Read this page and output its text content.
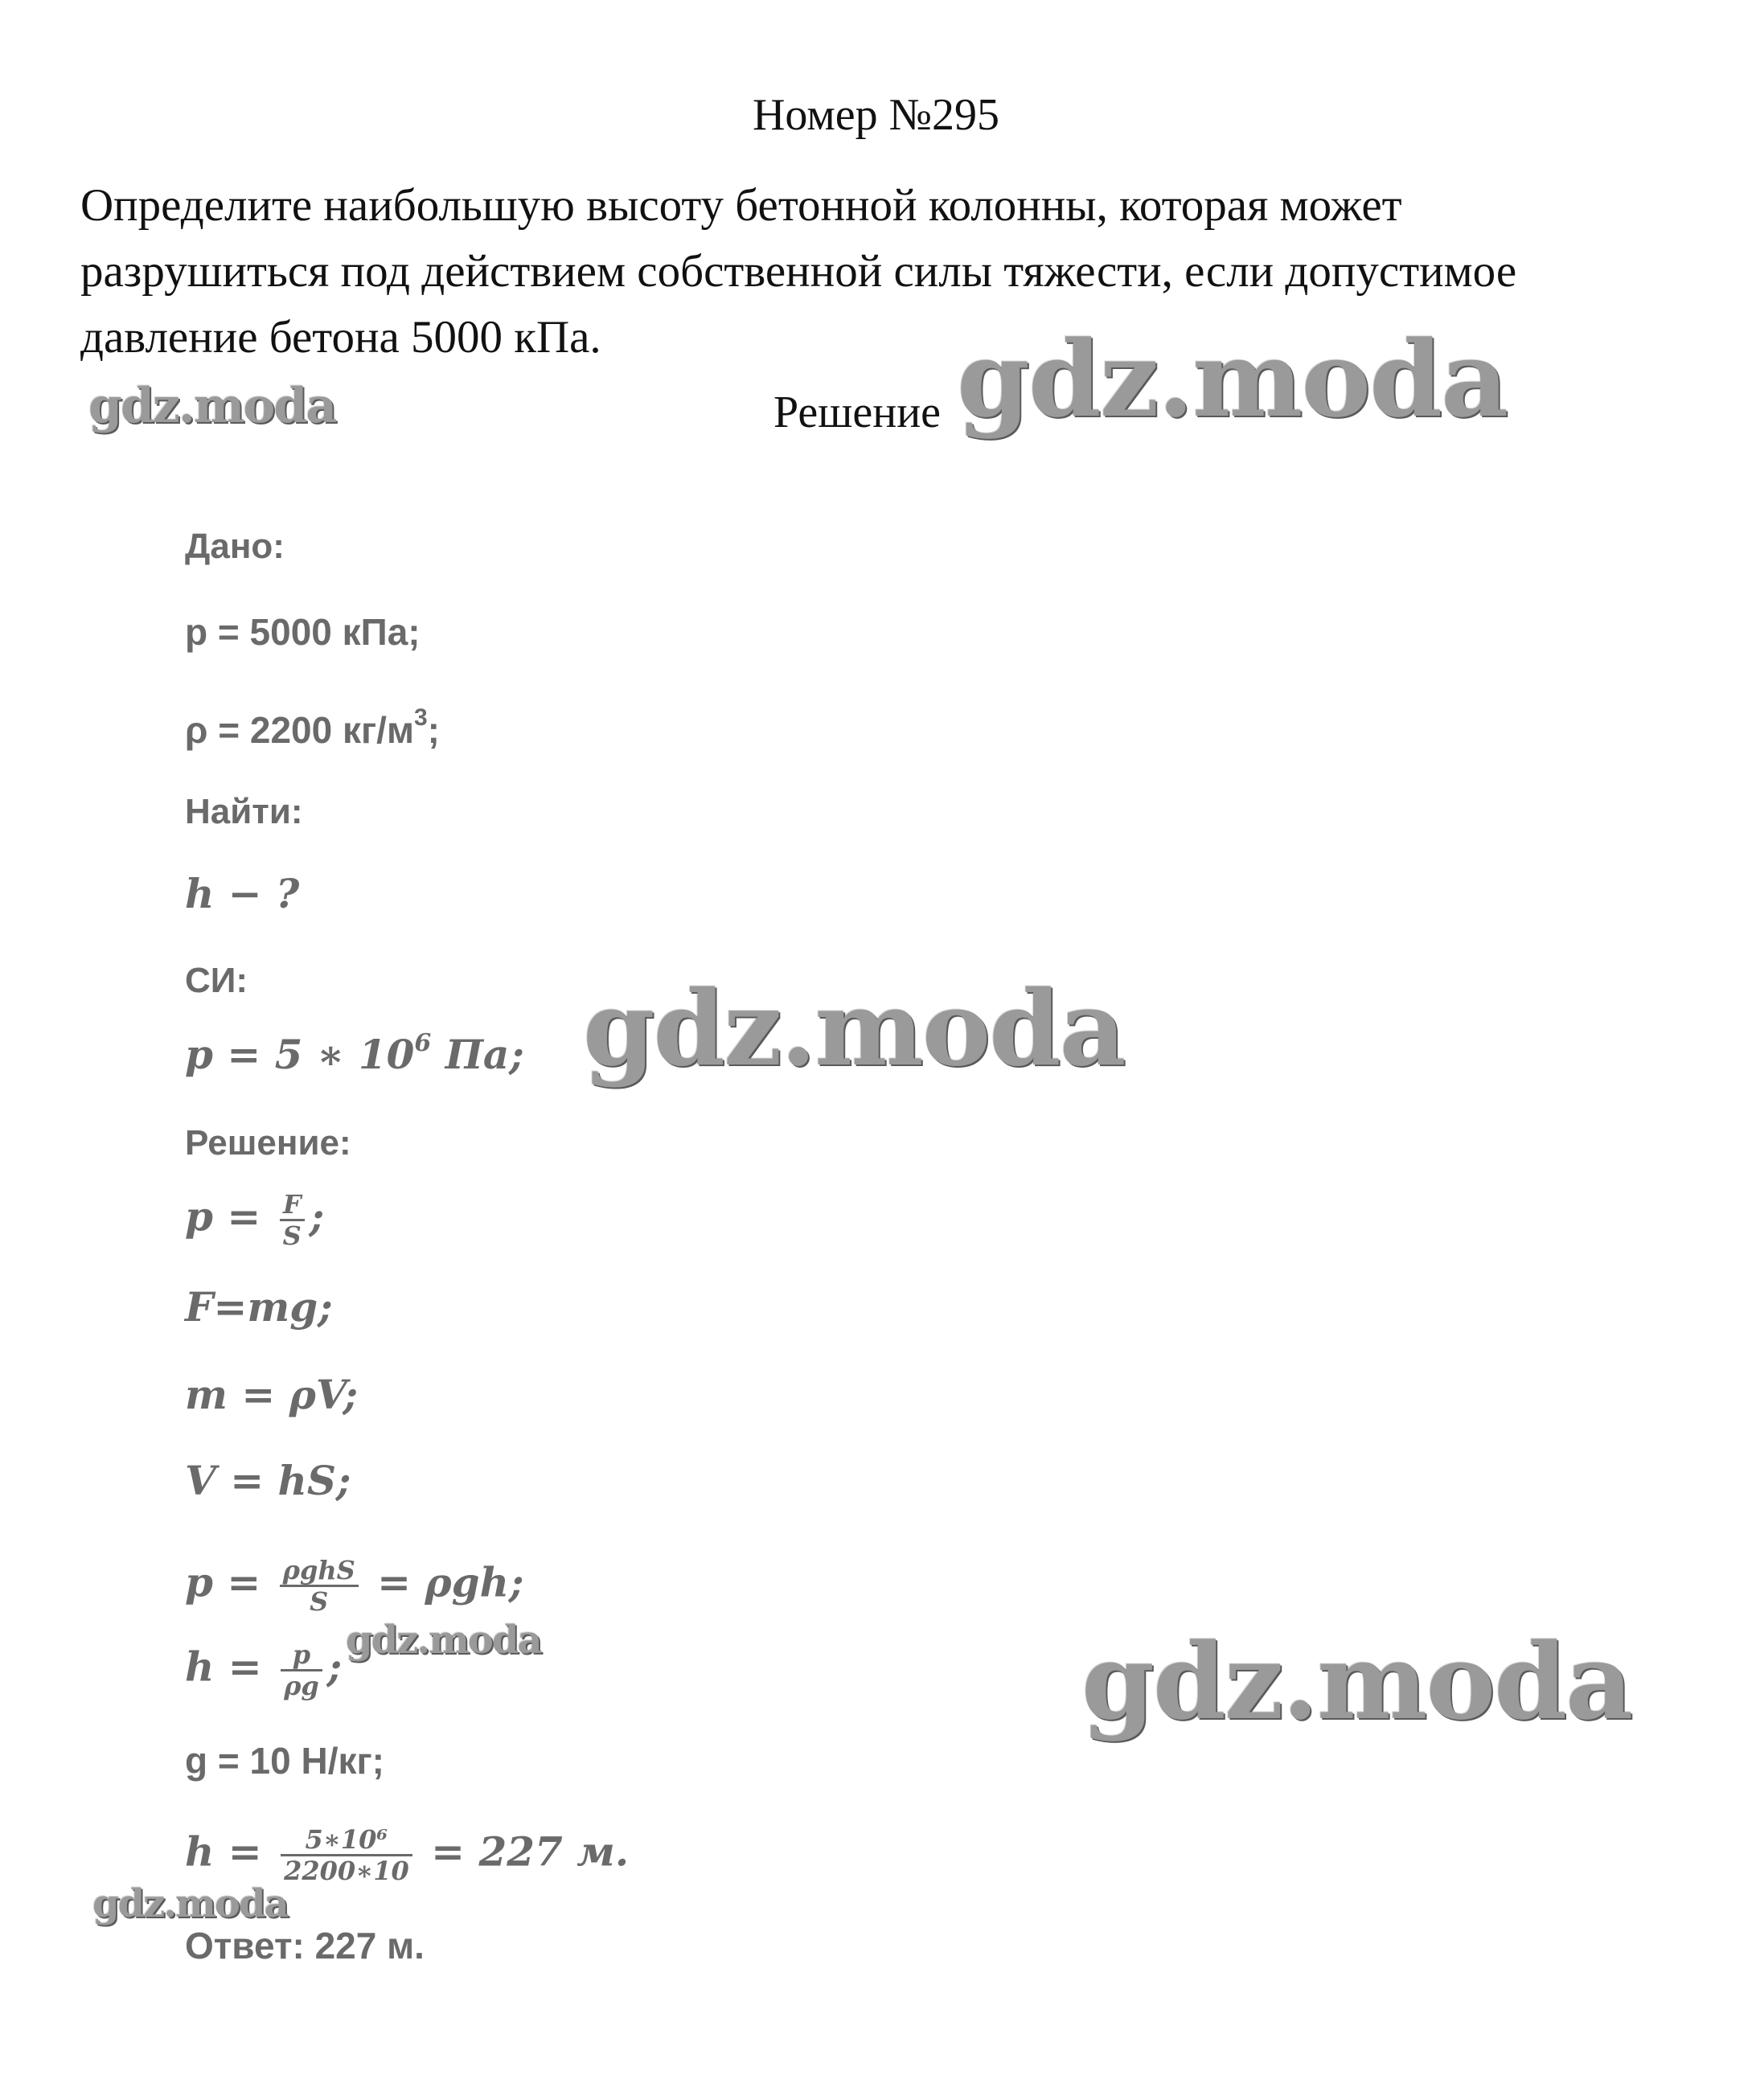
Номер №295
Определите наибольшую высоту бетонной колонны, которая может
разрушиться под действием собственной силы тяжести, если допустимое
давление бетона 5000 кПа.
Решение
gdz.moda	gdz.moda
gdz.moda
gdz.moda
Дано:
p = 5000 кПа;
ρ = 2200 $кг/м^3$;
Найти:
h − ?
СИ:
p = 5 ∗ $10^6$ Па;
Решение:
$p = \frac{F}{S}$ ;
F=mg;
m = ρV;
V = hS;
$p = \frac{\text{ρghS}}{S} = \rho gh$;
$h = \frac{p}{\rho g}$ ;
g = 10 Н/кг;
$h = \frac{\text{5∗10⁶}}{2200∗10} = 227$ м.
Ответ: 227 м.
gdz.moda
gdz.moda
